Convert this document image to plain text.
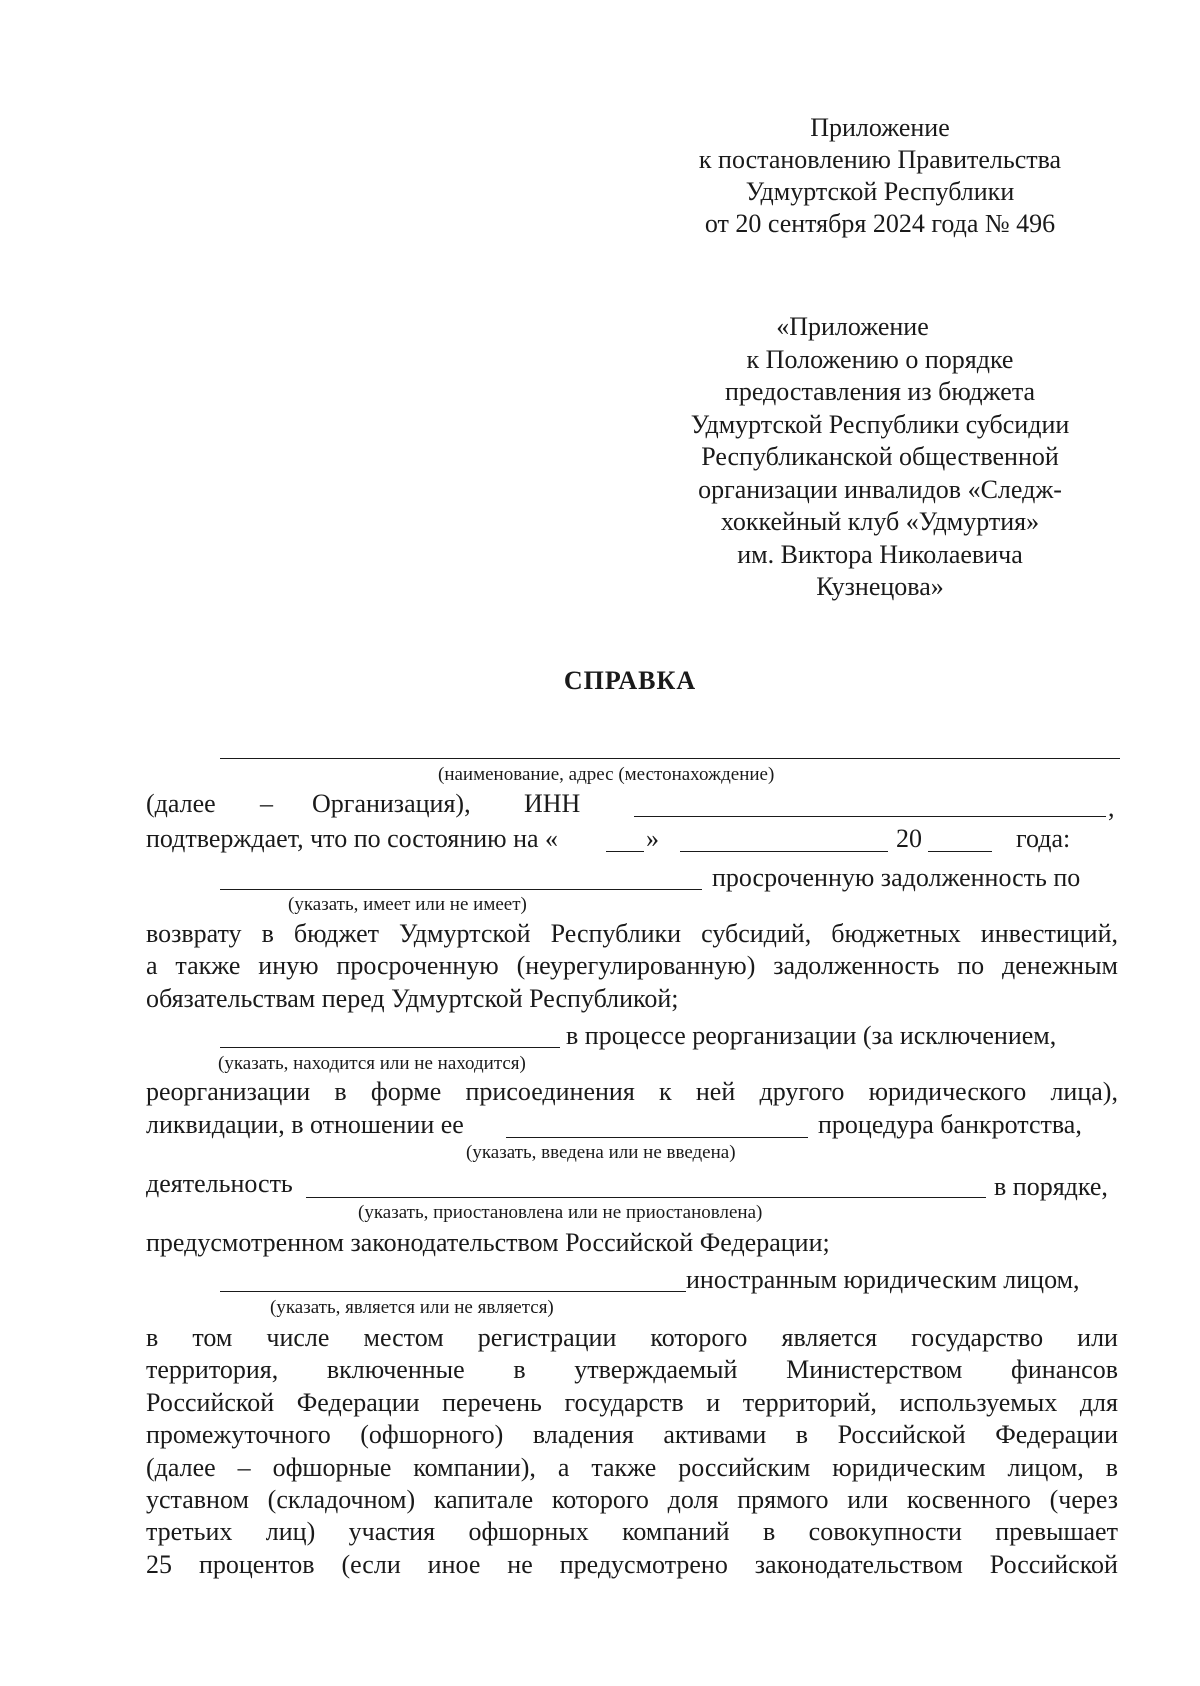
Приложение
к постановлению Правительства
Удмуртской Республики
от 20 сентября 2024 года № 496
«Приложение
к Положению о порядке
предоставления из бюджета
Удмуртской Республики субсидии
Республиканской общественной
организации инвалидов «Следж-
хоккейный клуб «Удмуртия»
им. Виктора Николаевича
Кузнецова»
СПРАВКА
(наименование, адрес (местонахождение)
(далее – Организация), ИНН	,
подтверждает, что по состоянию на «	»	20	года:
просроченную задолженность по
(указать, имеет или не имеет)
возврату в бюджет Удмуртской Республики субсидий, бюджетных инвестиций,
а также иную просроченную (неурегулированную) задолженность по денежным
обязательствам перед Удмуртской Республикой;
в процессе реорганизации (за исключением,
(указать, находится или не находится)
реорганизации в форме присоединения к ней другого юридического лица),
ликвидации, в отношении ее	процедура банкротства,
(указать, введена или не введена)
деятельность	в порядке,
(указать, приостановлена или не приостановлена)
предусмотренном законодательством Российской Федерации;
иностранным юридическим лицом,
(указать, является или не является)
в том числе местом регистрации которого является государство или
территория, включенные в утверждаемый Министерством финансов
Российской Федерации перечень государств и территорий, используемых для
промежуточного (офшорного) владения активами в Российской Федерации
(далее – офшорные компании), а также российским юридическим лицом, в
уставном (складочном) капитале которого доля прямого или косвенного (через
третьих лиц) участия офшорных компаний в совокупности превышает
25 процентов (если иное не предусмотрено законодательством Российской
